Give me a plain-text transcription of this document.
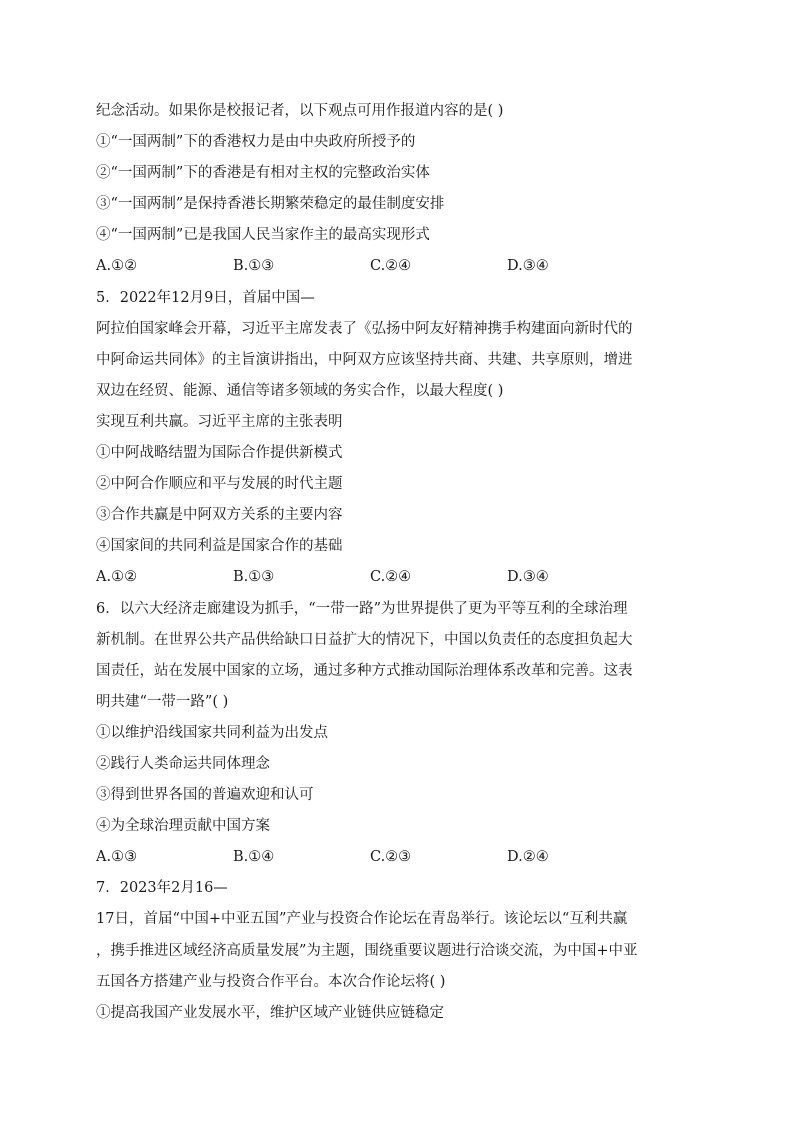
纪念活动。如果你是校报记者，以下观点可用作报道内容的是( )
①“一国两制”下的香港权力是由中央政府所授予的
②“一国两制”下的香港是有相对主权的完整政治实体
③“一国两制”是保持香港长期繁荣稳定的最佳制度安排
④“一国两制”已是我国人民当家作主的最高实现形式
A.①②	B.①③	C.②④	D.③④
5．2022年12月9日，首届中国—
阿拉伯国家峰会开幕，习近平主席发表了《弘扬中阿友好精神携手构建面向新时代的
中阿命运共同体》的主旨演讲指出，中阿双方应该坚持共商、共建、共享原则，增进
双边在经贸、能源、通信等诸多领域的务实合作，以最大程度( )
实现互利共赢。习近平主席的主张表明
①中阿战略结盟为国际合作提供新模式
②中阿合作顺应和平与发展的时代主题
③合作共赢是中阿双方关系的主要内容
④国家间的共同利益是国家合作的基础
A.①②	B.①③	C.②④	D.③④
6．以六大经济走廊建设为抓手，“一带一路”为世界提供了更为平等互利的全球治理
新机制。在世界公共产品供给缺口日益扩大的情况下，中国以负责任的态度担负起大
国责任，站在发展中国家的立场，通过多种方式推动国际治理体系改革和完善。这表
明共建“一带一路”( )
①以维护沿线国家共同利益为出发点
②践行人类命运共同体理念
③得到世界各国的普遍欢迎和认可
④为全球治理贡献中国方案
A.①③	B.①④	C.②③	D.②④
7．2023年2月16—
17日，首届“中国+中亚五国”产业与投资合作论坛在青岛举行。该论坛以“互利共赢
，携手推进区域经济高质量发展”为主题，围绕重要议题进行洽谈交流，为中国+中亚
五国各方搭建产业与投资合作平台。本次合作论坛将( )
①提高我国产业发展水平，维护区域产业链供应链稳定
